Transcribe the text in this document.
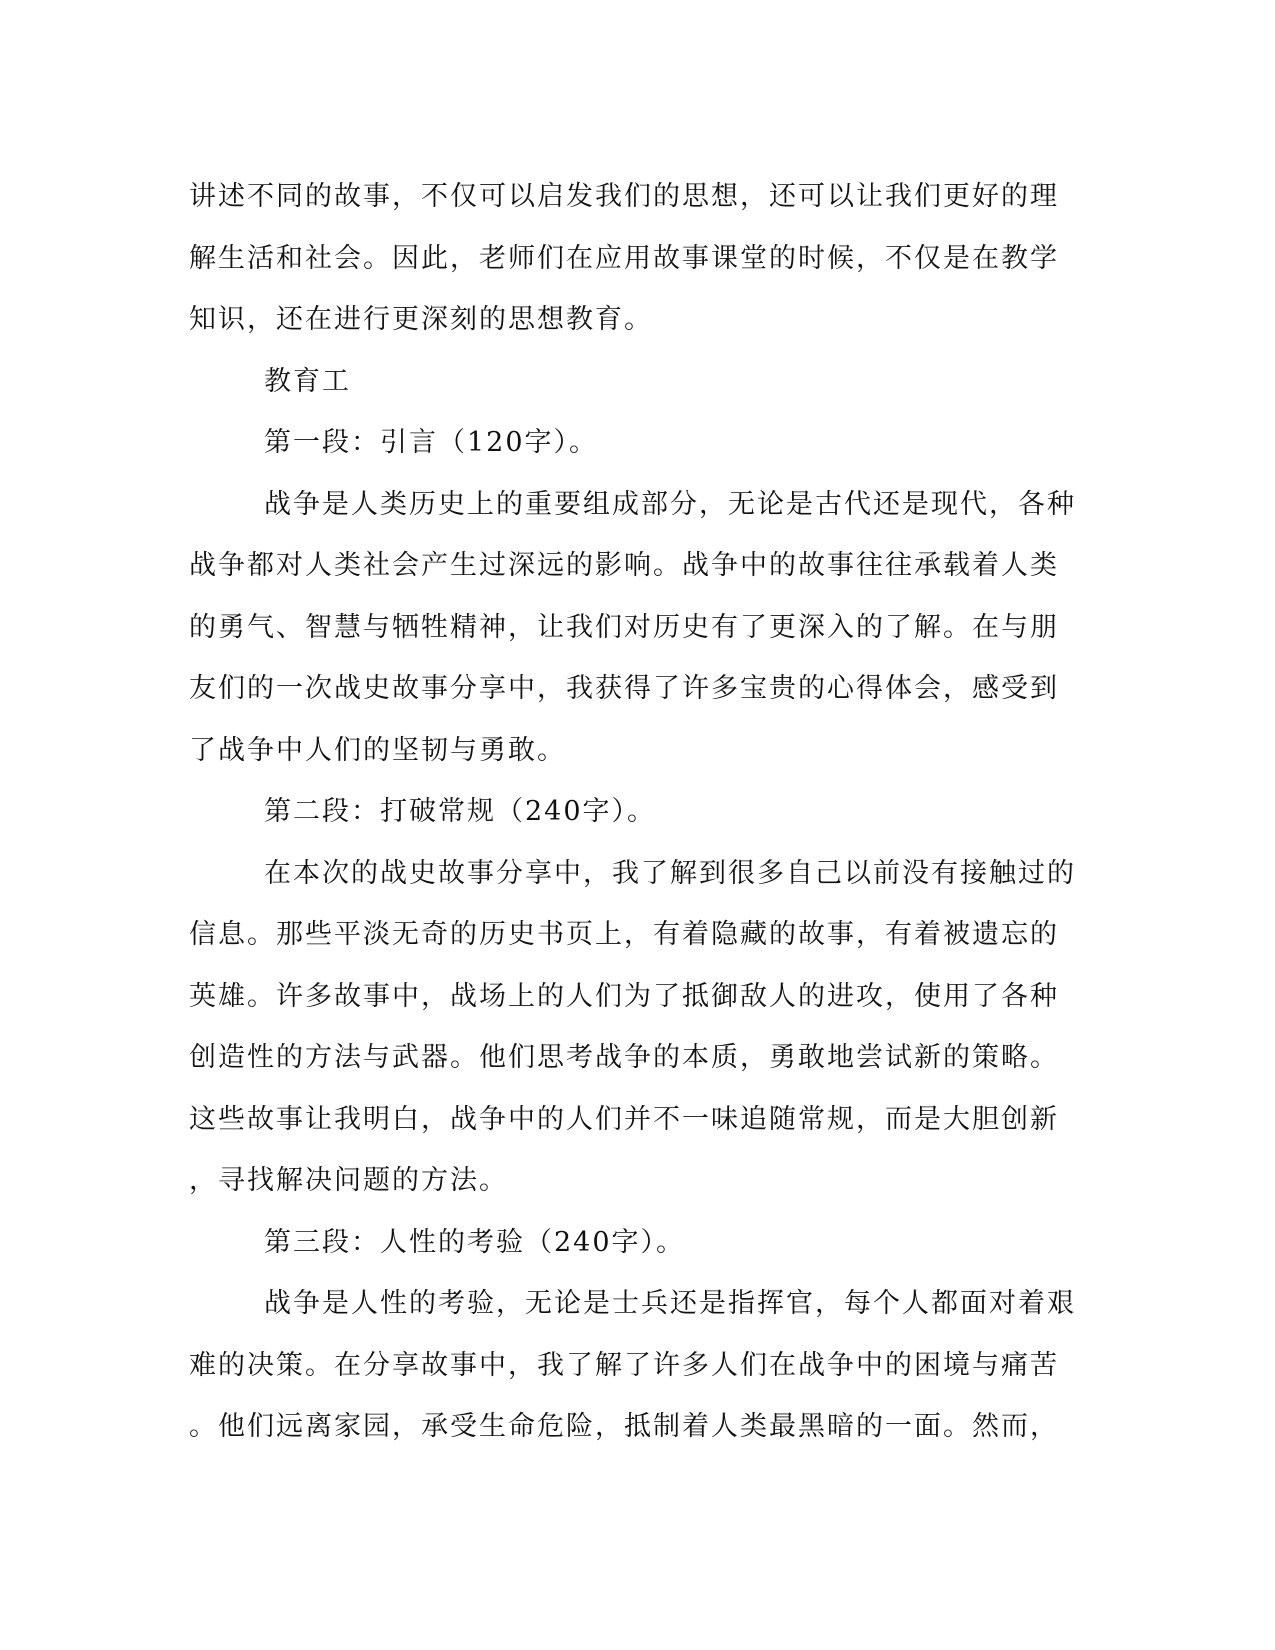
讲述不同的故事，不仅可以启发我们的思想，还可以让我们更好的理
解生活和社会。因此，老师们在应用故事课堂的时候，不仅是在教学
知识，还在进行更深刻的思想教育。
教育工
第一段：引言（120字）。
战争是人类历史上的重要组成部分，无论是古代还是现代，各种
战争都对人类社会产生过深远的影响。战争中的故事往往承载着人类
的勇气、智慧与牺牲精神，让我们对历史有了更深入的了解。在与朋
友们的一次战史故事分享中，我获得了许多宝贵的心得体会，感受到
了战争中人们的坚韧与勇敢。
第二段：打破常规（240字）。
在本次的战史故事分享中，我了解到很多自己以前没有接触过的
信息。那些平淡无奇的历史书页上，有着隐藏的故事，有着被遗忘的
英雄。许多故事中，战场上的人们为了抵御敌人的进攻，使用了各种
创造性的方法与武器。他们思考战争的本质，勇敢地尝试新的策略。
这些故事让我明白，战争中的人们并不一味追随常规，而是大胆创新
，寻找解决问题的方法。
第三段：人性的考验（240字）。
战争是人性的考验，无论是士兵还是指挥官，每个人都面对着艰
难的决策。在分享故事中，我了解了许多人们在战争中的困境与痛苦
。他们远离家园，承受生命危险，抵制着人类最黑暗的一面。然而，
